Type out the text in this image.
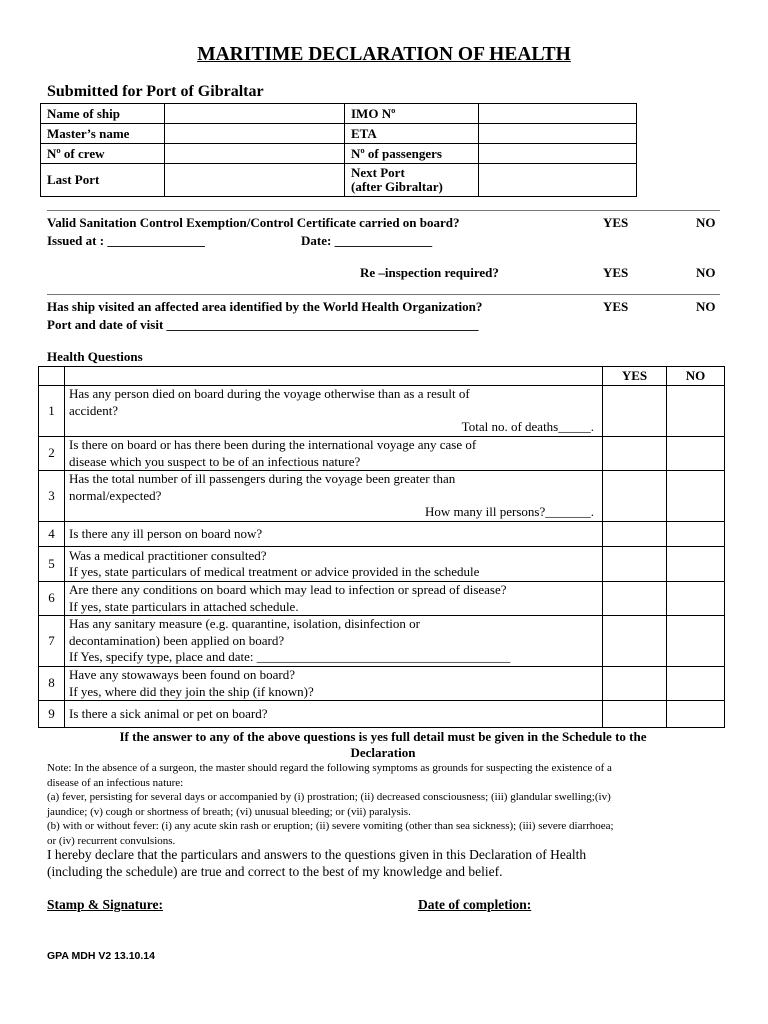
MARITIME DECLARATION OF HEALTH
Submitted for Port of Gibraltar
Name of ship		IMO Nº	
Master’s name		ETA	
Nº of crew		Nº of passengers	
Last Port		Next Port
(after Gibraltar)	
Valid Sanitation Control Exemption/Control Certificate carried on board?	YES	NO
Issued at : _______________	Date: _______________
Re –inspection required?	YES	NO
Has ship visited an affected area identified by the World Health Organization?	YES	NO
Port and date of visit ________________________________________________
Health Questions
		YES	NO
1	Has any person died on board during the voyage otherwise than as a result of
accident?
Total no. of deaths_____.		

2	Is there on board or has there been during the international voyage any case of
disease which you suspect to be of an infectious nature?		

3	Has the total number of ill passengers during the voyage been greater than
normal/expected?
How many ill persons?_______.		

4	Is there any ill person on board now?		

5	Was a medical practitioner consulted?
If yes, state particulars of medical treatment or advice provided in the schedule		

6	Are there any conditions on board which may lead to infection or spread of disease?
If yes, state particulars in attached schedule.		

7	Has any sanitary measure (e.g. quarantine, isolation, disinfection or
decontamination) been applied on board?
If Yes, specify type, place and date: _______________________________________		

8	Have any stowaways been found on board?
If yes, where did they join the ship (if known)?		

9	Is there a sick animal or pet on board?		

If the answer to any of the above questions is yes full detail must be given in the Schedule to the
Declaration
Note: In the absence of a surgeon, the master should regard the following symptoms as grounds for suspecting the existence of a
disease of an infectious nature:
(a) fever, persisting for several days or accompanied by (i) prostration; (ii) decreased consciousness; (iii) glandular swelling;(iv)
jaundice; (v) cough or shortness of breath; (vi) unusual bleeding; or (vii) paralysis.
(b) with or without fever: (i) any acute skin rash or eruption; (ii) severe vomiting (other than sea sickness); (iii) severe diarrhoea;
or (iv) recurrent convulsions.
I hereby declare that the particulars and answers to the questions given in this Declaration of Health
(including the schedule) are true and correct to the best of my knowledge and belief.
Stamp & Signature:	Date of completion:
GPA MDH V2 13.10.14
